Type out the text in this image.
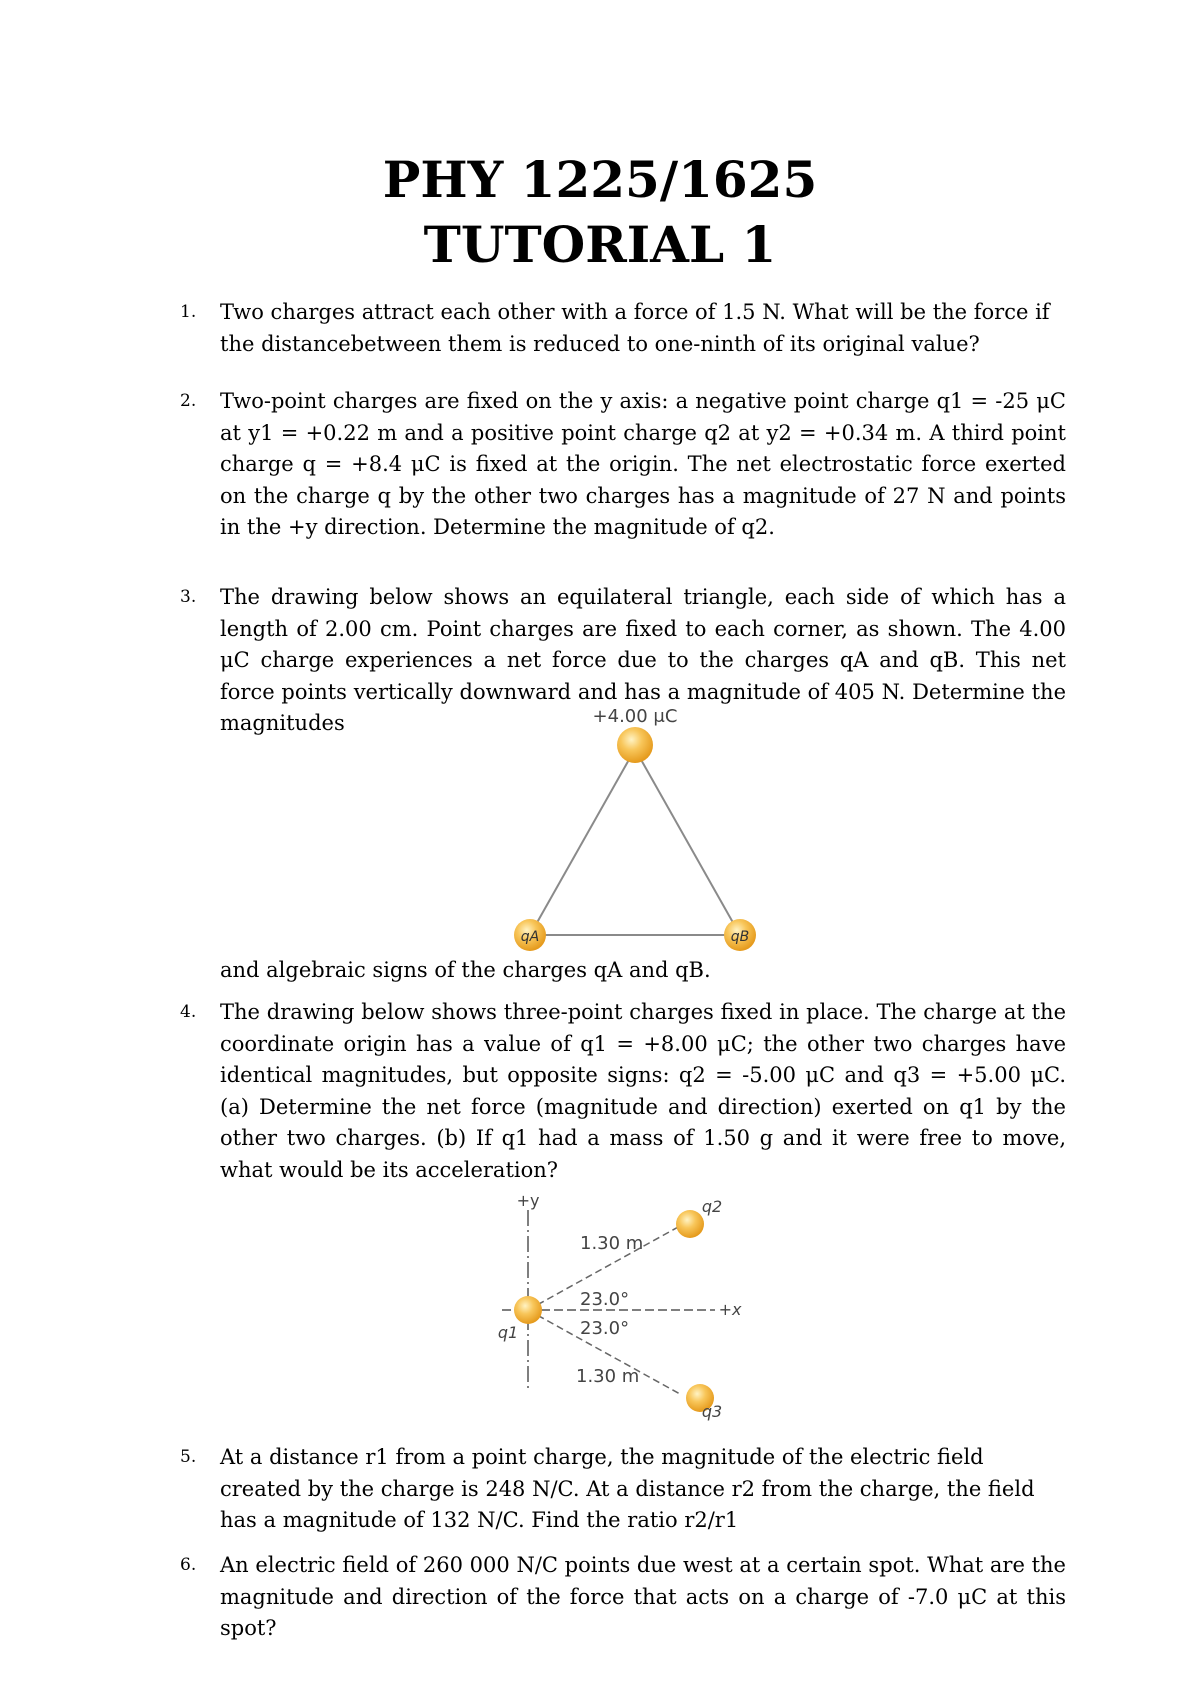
PHY 1225/1625
TUTORIAL 1
1. Two charges attract each other with a force of 1.5 N. What will be the force if the distancebetween them is reduced to one-ninth of its original value?

2. Two-point charges are fixed on the y axis: a negative point charge q1 = -25 μC at y1 = +0.22 m and a positive point charge q2 at y2 = +0.34 m. A third point charge q = +8.4 μC is fixed at the origin. The net electrostatic force exerted on the charge q by the other two charges has a magnitude of 27 N and points in the +y direction. Determine the magnitude of q2.

3. The drawing below shows an equilateral triangle, each side of which has a length of 2.00 cm. Point charges are fixed to each corner, as shown. The 4.00 μC charge experiences a net force due to the charges qA and qB. This net force points vertically downward and has a magnitude of 405 N. Determine the magnitudes	+4.00 μC
qA	qB

and algebraic signs of the charges qA and qB.

4. The drawing below shows three-point charges fixed in place. The charge at the coordinate origin has a value of q1 = +8.00 μC; the other two charges have identical magnitudes, but opposite signs: q2 = -5.00 μC and q3 = +5.00 μC. (a) Determine the net force (magnitude and direction) exerted on q1 by the other two charges. (b) If q1 had a mass of 1.50 g and it were free to move, what would be its acceleration?

+y
+x
1.30 m
23.0°
23.0°
1.30 m
q1
q2
q3
5. At a distance r1 from a point charge, the magnitude of the electric field created by the charge is 248 N/C. At a distance r2 from the charge, the field has a magnitude of 132 N/C. Find the ratio r2/r1

6. An electric field of 260 000 N/C points due west at a certain spot. What are the magnitude and direction of the force that acts on a charge of -7.0 μC at this spot?
